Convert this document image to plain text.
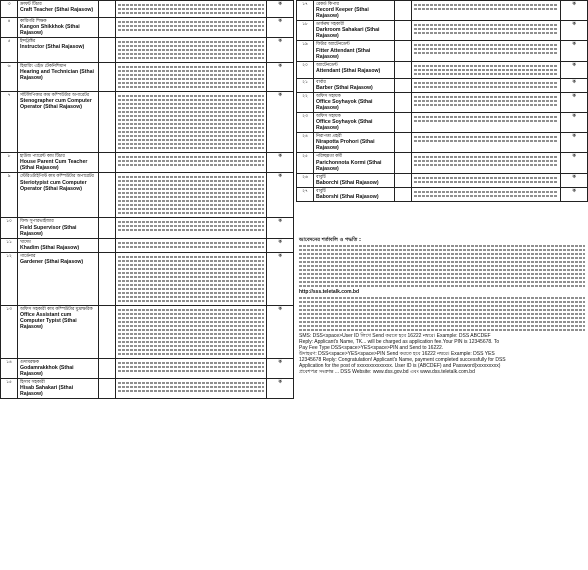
৩	ক্রাফট টিচার
Craft Teacher (Sthai Rajasow)			ক
৪	কারিগরি শিক্ষক
Kangon Shikkhok (Sthai Rajasow)			ক
৫	ইন্সট্রাক্টর
Instructor (Sthai Rajasow)			ক
৬	হিয়ারিং এইড টেকনিশিয়ান
Hearing and Technician (Sthai Rajasow)			ক
৭	সাঁটলিপিকার কাম কম্পিউটার অপারেটর
Stenographer cum Computer Operator (Sthai Rajasow)			ক
৮	হাউজ প্যারেন্ট কাম টিচার
House Parent Cum Teacher (Sthai Rajasow)			ক
৯	স্টেরিওটাইপিস্ট কাম কম্পিউটার অপারেটর
Steriotypist cum Computer Operator (Sthai Rajasow)			ক
১০	ফিল্ড সুপারভাইজার
Field Supervisor (Sthai Rajasow)			ক
১১	খাদেম
Khadim (Sthai Rajasow)			ক
১২	গার্ডেনার
Gardener (Sthai Rajasow)			ক
১৩	অফিস সহকারী কাম কম্পিউটার মুদ্রাক্ষরিক
Office Assistant cum Computer Typist (Sthai Rajasow)			ক
১৪	গুদামরক্ষক
Godamrakkhok (Sthai Rajasow)			ক
১৫	হিসাব সহকারী
Hisab Sahakari (Sthai Rajasow)			ক
১৭	রেকর্ড কিপার
Record Keeper (Sthai Rajasow)			ক
১৮	ডার্করুম সহকারী
Darkroom Sahakari (Sthai Rajasow)			ক
১৯	ফিটার অ্যাটেনডেন্ট
Fitter Attendant (Sthai Rajasow)			ক
২০	অ্যাটেনডেন্ট
Attendant (Sthai Rajasow)			ক
২১	বার্বার
Barber (Sthai Rajasow)			ক
২২	অফিস সহায়ক
Office Soyhayok (Sthai Rajasow)			ক
২৩	অফিস সহায়ক
Office Soyhayok (Sthai Rajasow)			ক
২৪	নিরাপত্তা প্রহরী
Nirapotta Prohori (Sthai Rajasow)			ক
২৫	পরিচ্ছন্নতা কর্মী
Parichonnota Kormi (Sthai Rajasow)			ক
২৬	বাবুর্চি
Baborchi (Sthai Rajasow)			ক
২৭	বাবুর্চি
Baborshi (Sthai Rajasow)			ক
আবেদনের শর্তাবলি ও পদ্ধতি :
http://sss.teletalk.com.bd
SMS: DSS<space>User ID লিখে Send করতে হবে 16222 নম্বরে। Example: DSS ABCDEF
Reply: Applicant's Name, TK... will be charged as application fee.Your PIN is 12345678. To
Pay Fee Type DSS<space>YES<space>PIN and Send to 16222.
উদাহরণ: DSS<space>YES<space>PIN Send করতে হবে 16222 নম্বরে। Example: DSS YES
12345678 Reply: Congratulation! Applicant's Name, payment completed successfully for DSS
Application for the post of xxxxxxxxxxxxxx. User ID is (ABCDEF) and Password(xxxxxxxxx)
প্রবেশপত্র সংক্রান্ত ... DSS Website: www.dss.gov.bd এবং www.dss.teletalk.com.bd
